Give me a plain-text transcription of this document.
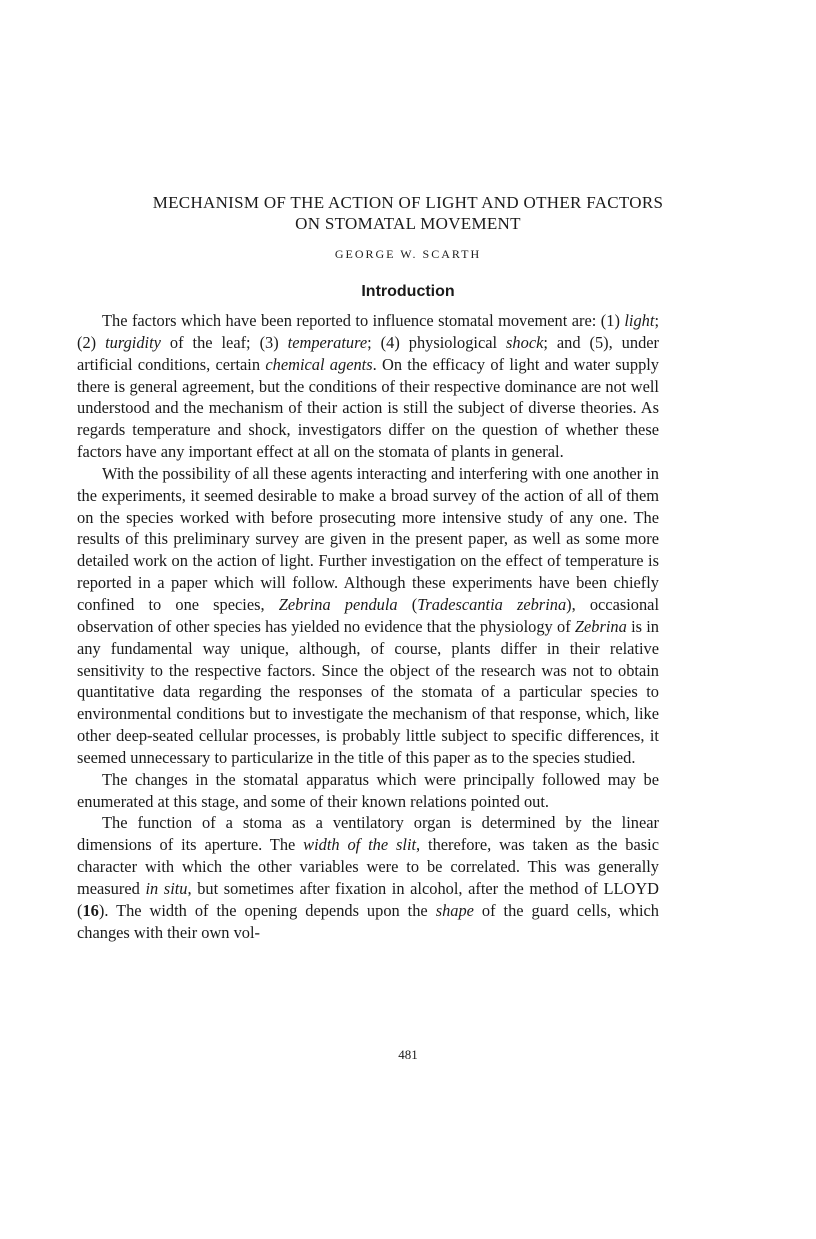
MECHANISM OF THE ACTION OF LIGHT AND OTHER FACTORS
ON STOMATAL MOVEMENT
GEORGE W. SCARTH
Introduction

The factors which have been reported to influence stomatal movement are: (1) light; (2) turgidity of the leaf; (3) temperature; (4) physiological shock; and (5), under artificial conditions, certain chemical agents. On the efficacy of light and water supply there is general agreement, but the conditions of their respective dominance are not well understood and the mechanism of their action is still the subject of diverse theories. As regards temperature and shock, investigators differ on the question of whether these factors have any important effect at all on the stomata of plants in general.

With the possibility of all these agents interacting and interfering with one another in the experiments, it seemed desirable to make a broad survey of the action of all of them on the species worked with before prosecuting more intensive study of any one. The results of this preliminary survey are given in the present paper, as well as some more detailed work on the action of light. Further investigation on the effect of temperature is reported in a paper which will follow. Although these experiments have been chiefly confined to one species, Zebrina pendula (Tradescantia zebrina), occasional observation of other species has yielded no evidence that the physiology of Zebrina is in any fundamental way unique, although, of course, plants differ in their relative sensitivity to the respective factors. Since the object of the research was not to obtain quantitative data regarding the responses of the stomata of a particular species to environmental conditions but to investigate the mechanism of that response, which, like other deep-seated cellular processes, is probably little subject to specific differences, it seemed unnecessary to particularize in the title of this paper as to the species studied.

The changes in the stomatal apparatus which were principally followed may be enumerated at this stage, and some of their known relations pointed out.

The function of a stoma as a ventilatory organ is determined by the linear dimensions of its aperture. The width of the slit, therefore, was taken as the basic character with which the other variables were to be correlated. This was generally measured in situ, but sometimes after fixation in alcohol, after the method of LLOYD (16). The width of the opening depends upon the shape of the guard cells, which changes with their own vol-

481
